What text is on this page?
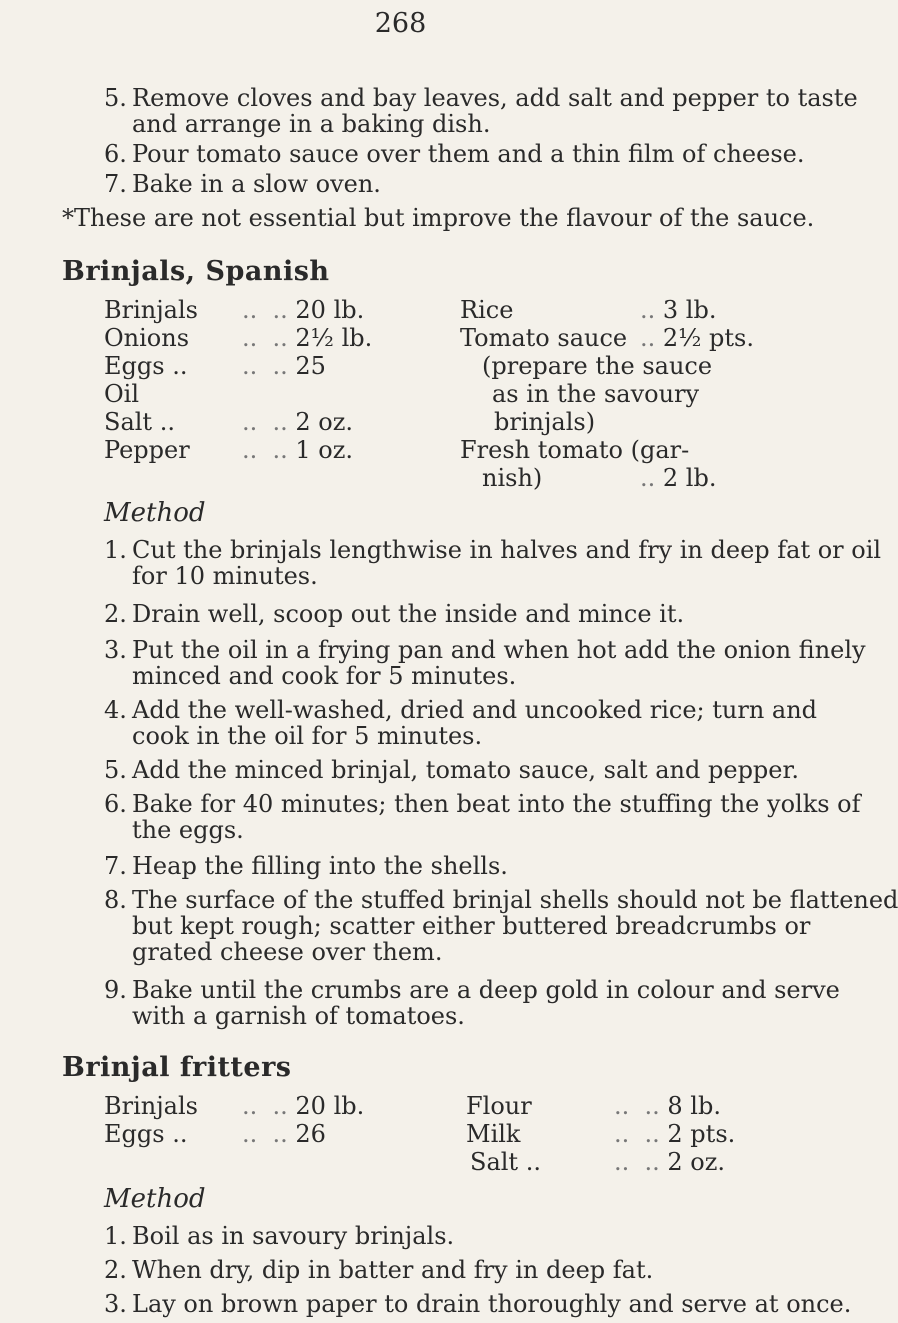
268
5. Remove cloves and bay leaves, add salt and pepper to taste
and arrange in a baking dish.
6. Pour tomato sauce over them and a thin film of cheese.
7. Bake in a slow oven.
*These are not essential but improve the flavour of the sauce.
Brinjals, Spanish
Brinjals ..  .. 20 lb.
Onions ..  .. 2½ lb.
Eggs .. ..  .. 25
Oil
Salt ..	..  .. 2 oz.
Pepper ..  .. 1 oz.
Rice	.. 3 lb.
Tomato sauce .. 2½ pts.
(prepare the sauce
as in the savoury
brinjals)
Fresh tomato (gar-
nish)	.. 2 lb.
Method
1. Cut the brinjals lengthwise in halves and fry in deep fat or oil
for 10 minutes.
2. Drain well, scoop out the inside and mince it.
3. Put the oil in a frying pan and when hot add the onion finely
minced and cook for 5 minutes.
4. Add the well-washed, dried and uncooked rice; turn and
cook in the oil for 5 minutes.
5. Add the minced brinjal, tomato sauce, salt and pepper.
6. Bake for 40 minutes; then beat into the stuffing the yolks of
the eggs.
7. Heap the filling into the shells.
8. The surface of the stuffed brinjal shells should not be flattened
but kept rough; scatter either buttered breadcrumbs or
grated cheese over them.
9. Bake until the crumbs are a deep gold in colour and serve
with a garnish of tomatoes.
Brinjal fritters
Brinjals ..  .. 20 lb.
Eggs .. ..  .. 26
Flour	..  .. 8 lb.
Milk	..  .. 2 pts.
Salt ..	..  .. 2 oz.
Method
1. Boil as in savoury brinjals.
2. When dry, dip in batter and fry in deep fat.
3. Lay on brown paper to drain thoroughly and serve at once.
